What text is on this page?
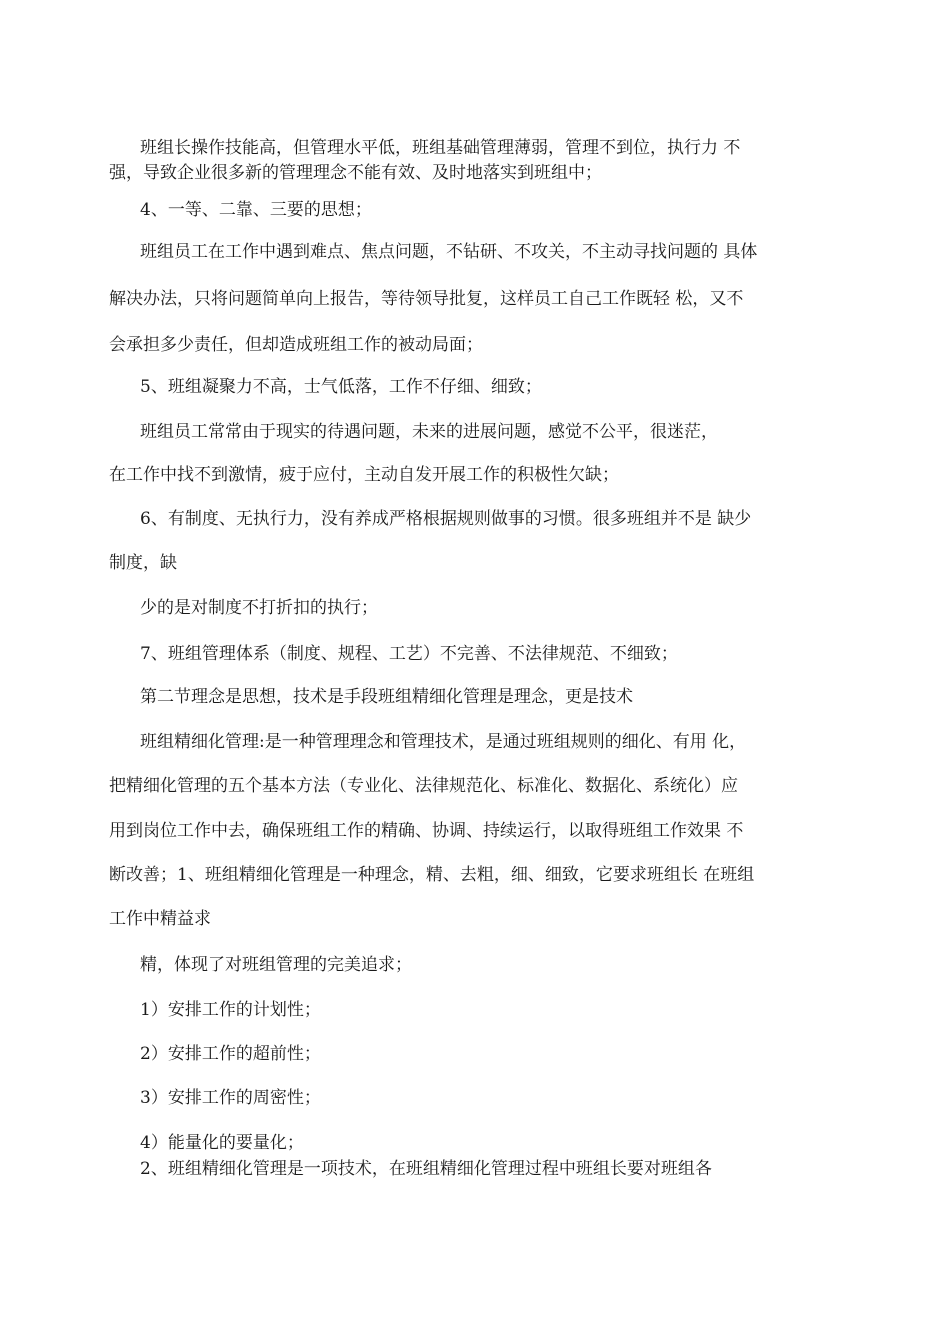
班组长操作技能高，但管理水平低，班组基础管理薄弱，管理不到位，执行力 不
强，导致企业很多新的管理理念不能有效、及时地落实到班组中；
4、一等、二靠、三要的思想；
班组员工在工作中遇到难点、焦点问题，不钻研、不攻关，不主动寻找问题的 具体
解决办法，只将问题简单向上报告，等待领导批复，这样员工自己工作既轻 松，又不
会承担多少责任，但却造成班组工作的被动局面；
5、班组凝聚力不高，士气低落，工作不仔细、细致；
班组员工常常由于现实的待遇问题，未来的进展问题，感觉不公平，很迷茫，
在工作中找不到激情，疲于应付，主动自发开展工作的积极性欠缺；
6、有制度、无执行力，没有养成严格根据规则做事的习惯。很多班组并不是 缺少
制度，缺
少的是对制度不打折扣的执行；
7、班组管理体系（制度、规程、工艺）不完善、不法律规范、不细致；
第二节理念是思想，技术是手段班组精细化管理是理念，更是技术
班组精细化管理:是一种管理理念和管理技术，是通过班组规则的细化、有用 化，
把精细化管理的五个基本方法（专业化、法律规范化、标准化、数据化、系统化）应
用到岗位工作中去，确保班组工作的精确、协调、持续运行，以取得班组工作效果 不
断改善；1、班组精细化管理是一种理念，精、去粗，细、细致，它要求班组长 在班组
工作中精益求
精，体现了对班组管理的完美追求；
1）安排工作的计划性；
2）安排工作的超前性；
3）安排工作的周密性；
4）能量化的要量化；
2、班组精细化管理是一项技术，在班组精细化管理过程中班组长要对班组各
